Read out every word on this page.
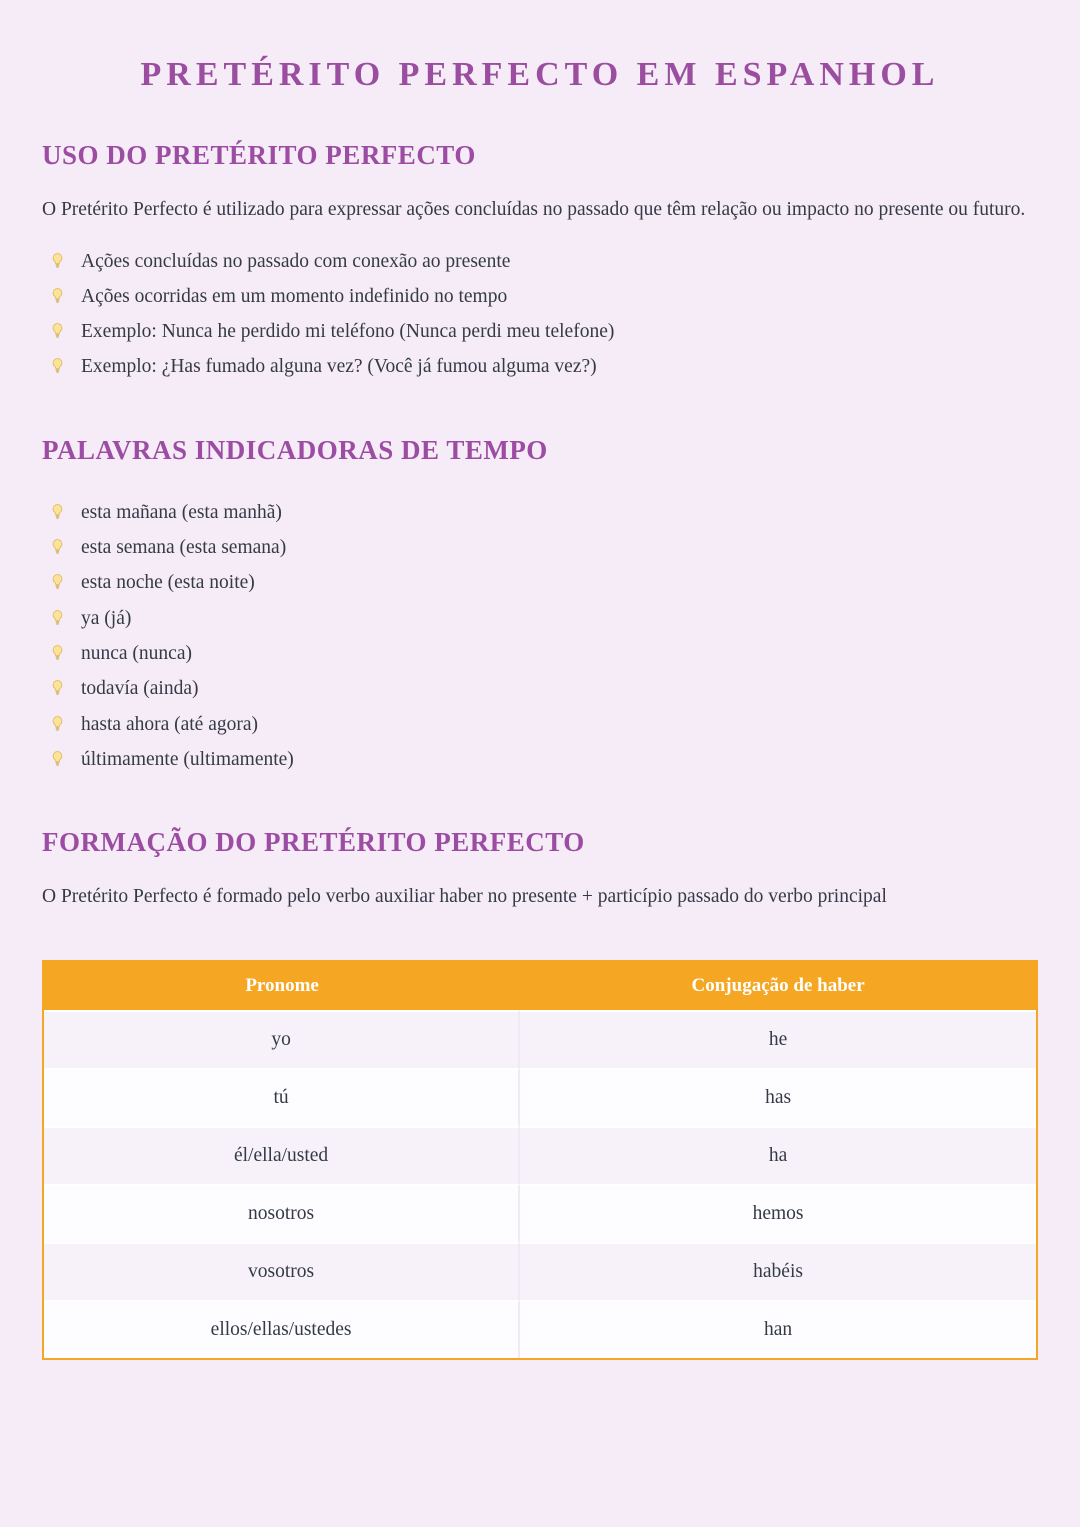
PRETÉRITO PERFECTO EM ESPANHOL
USO DO PRETÉRITO PERFECTO

O Pretérito Perfecto é utilizado para expressar ações concluídas no passado que têm relação ou impacto no presente ou futuro.

Ações concluídas no passado com conexão ao presente
Ações ocorridas em um momento indefinido no tempo
Exemplo: Nunca he perdido mi teléfono (Nunca perdi meu telefone)
Exemplo: ¿Has fumado alguna vez? (Você já fumou alguma vez?)
PALAVRAS INDICADORAS DE TEMPO
esta mañana (esta manhã)
esta semana (esta semana)
esta noche (esta noite)
ya (já)
nunca (nunca)
todavía (ainda)
hasta ahora (até agora)
últimamente (ultimamente)
FORMAÇÃO DO PRETÉRITO PERFECTO

O Pretérito Perfecto é formado pelo verbo auxiliar haber no presente + particípio passado do verbo principal

Pronome	Conjugação de haber
yo	he
tú	has
él/ella/usted	ha
nosotros	hemos
vosotros	habéis
ellos/ellas/ustedes	han
